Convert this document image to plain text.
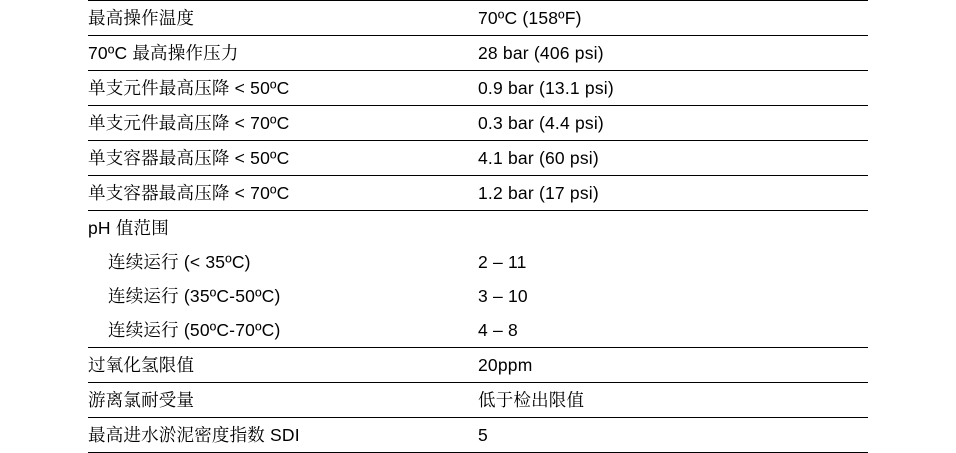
最高操作温度	70ºC (158ºF)
70ºC 最高操作压力	28 bar (406 psi)
单支元件最高压降 < 50ºC	0.9 bar (13.1 psi)
单支元件最高压降 < 70ºC	0.3 bar (4.4 psi)
单支容器最高压降 < 50ºC	4.1 bar (60 psi)
单支容器最高压降 < 70ºC	1.2 bar (17 psi)
pH 值范围	
连续运行 (< 35ºC)	2 – 11
连续运行 (35ºC-50ºC)	3 – 10
连续运行 (50ºC-70ºC)	4 – 8
过氧化氢限值	20ppm
游离氯耐受量	低于检出限值
最高进水淤泥密度指数 SDI	5
